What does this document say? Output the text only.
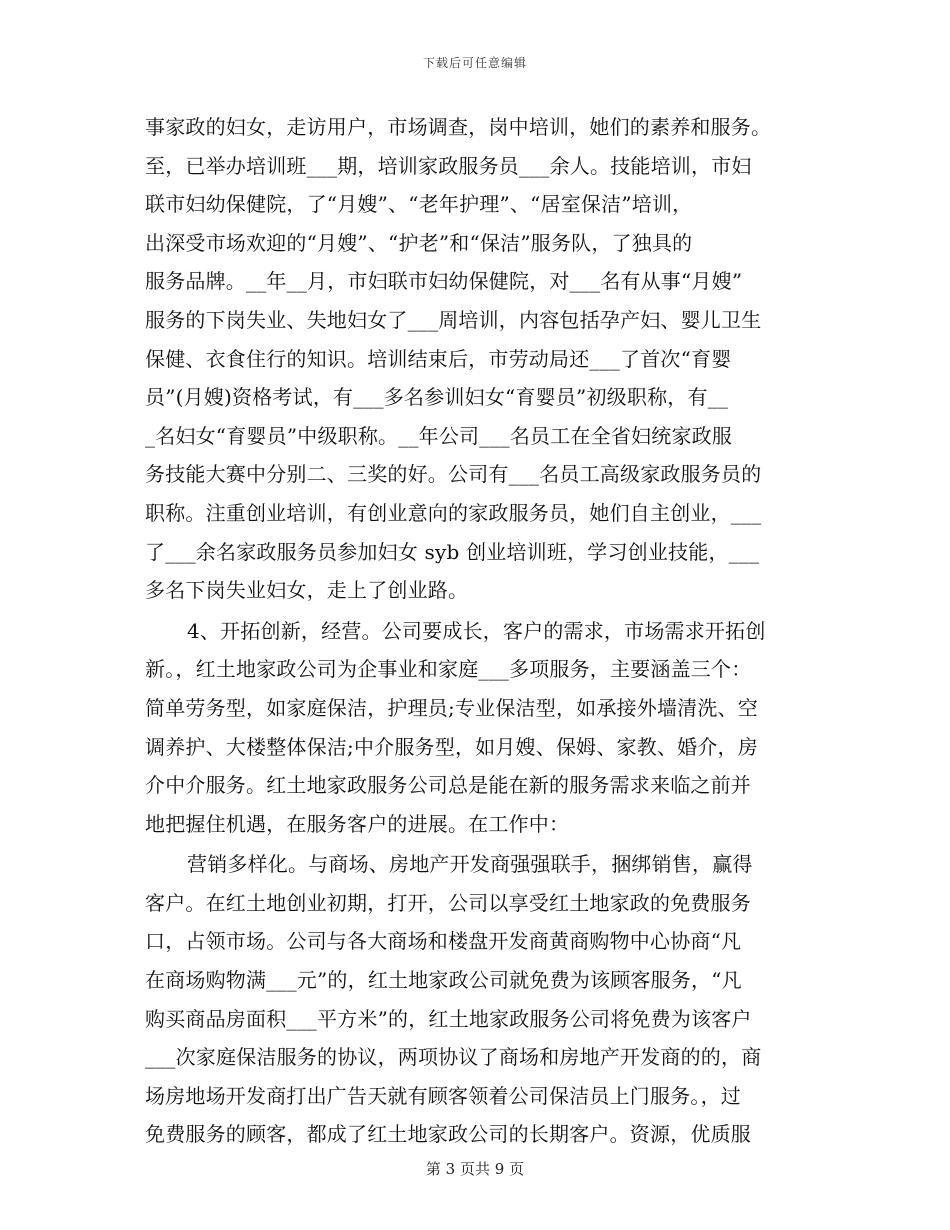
下载后可任意编辑
事家政的妇女，走访用户，市场调查，岗中培训，她们的素养和服务。
至，已举办培训班___期，培训家政服务员___余人。技能培训，市妇
联市妇幼保健院，了“月嫂”、“老年护理”、“居室保洁”培训，
出深受市场欢迎的“月嫂”、“护老”和“保洁”服务队，了独具的
服务品牌。__年__月，市妇联市妇幼保健院，对___名有从事“月嫂”
服务的下岗失业、失地妇女了___周培训，内容包括孕产妇、婴儿卫生
保健、衣食住行的知识。培训结束后，市劳动局还___了首次“育婴
员”(月嫂)资格考试，有___多名参训妇女“育婴员”初级职称，有__
_名妇女“育婴员”中级职称。__年公司___名员工在全省妇统家政服
务技能大赛中分别二、三奖的好。公司有___名员工高级家政服务员的
职称。注重创业培训，有创业意向的家政服务员，她们自主创业，___
了___余名家政服务员参加妇女 syb 创业培训班，学习创业技能，___
多名下岗失业妇女，走上了创业路。
4、开拓创新，经营。公司要成长，客户的需求，市场需求开拓创
新。，红土地家政公司为企事业和家庭___多项服务，主要涵盖三个：
简单劳务型，如家庭保洁，护理员;专业保洁型，如承接外墙清洗、空
调养护、大楼整体保洁;中介服务型，如月嫂、保姆、家教、婚介，房
介中介服务。红土地家政服务公司总是能在新的服务需求来临之前并
地把握住机遇，在服务客户的进展。在工作中：
营销多样化。与商场、房地产开发商强强联手，捆绑销售，赢得
客户。在红土地创业初期，打开，公司以享受红土地家政的免费服务
口，占领市场。公司与各大商场和楼盘开发商黄商购物中心协商“凡
在商场购物满___元”的，红土地家政公司就免费为该顾客服务，“凡
购买商品房面积___平方米”的，红土地家政服务公司将免费为该客户
___次家庭保洁服务的协议，两项协议了商场和房地产开发商的的，商
场房地场开发商打出广告天就有顾客领着公司保洁员上门服务。，过
免费服务的顾客，都成了红土地家政公司的长期客户。资源，优质服
第 3 页共 9 页
